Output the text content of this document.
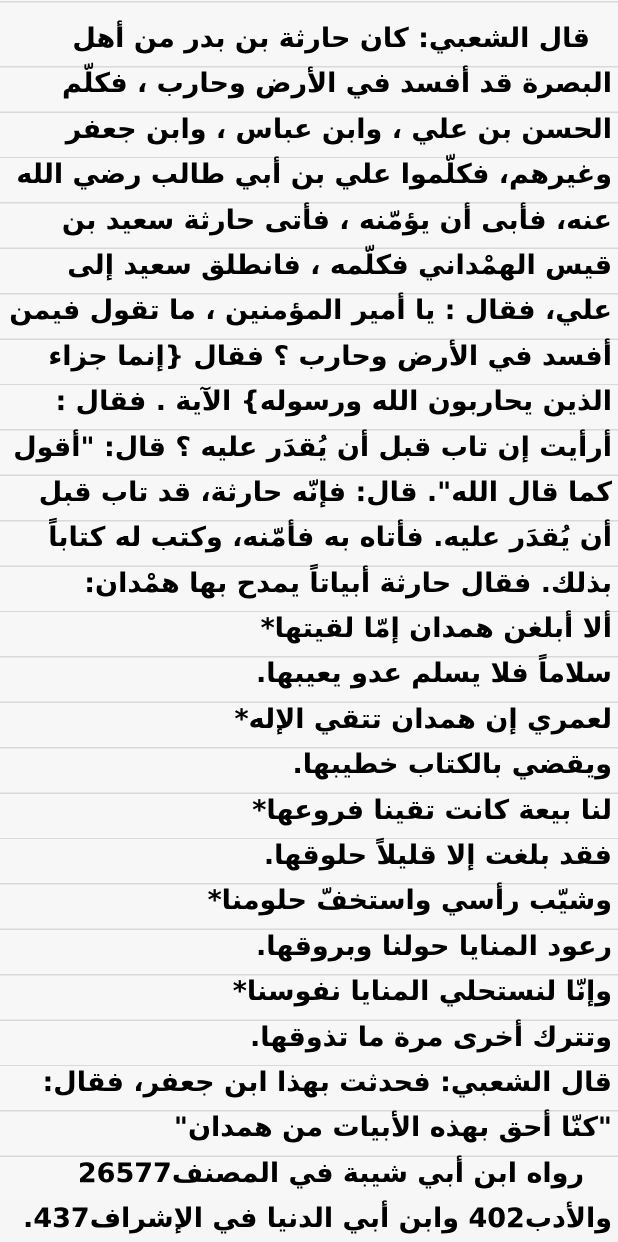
قال الشعبي: كان حارثة بن بدر من أهل
البصرة قد أفسد في الأرض وحارب ، فكلّم
الحسن بن علي ، وابن عباس ، وابن جعفر
وغيرهم، فكلّموا علي بن أبي طالب رضي الله
عنه، فأبى أن يؤمّنه ، فأتى حارثة سعيد بن
قيس الهمْداني فكلّمه ، فانطلق سعيد إلى
علي، فقال : يا أمير المؤمنين ، ما تقول فيمن
أفسد في الأرض وحارب ؟ فقال {إنما جزاء
الذين يحاربون الله ورسوله} الآية . فقال :
أرأيت إن تاب قبل أن يُقدَر عليه ؟ قال: "أقول
كما قال الله". قال: فإنّه حارثة، قد تاب قبل
أن يُقدَر عليه. فأتاه به فأمّنه، وكتب له كتاباً
بذلك. فقال حارثة أبياتاً يمدح بها همْدان:
ألا أبلغن همدان إمّا لقيتها*
سلاماً فلا يسلم عدو يعيبها.
لعمري إن همدان تتقي الإله*
ويقضي بالكتاب خطيبها.
لنا بيعة كانت تقينا فروعها*
فقد بلغت إلا قليلاً حلوقها.
وشيّب رأسي واستخفّ حلومنا*
رعود المنايا حولنا وبروقها.
وإنّا لنستحلي المنايا نفوسنا*
وتترك أخرى مرة ما تذوقها.
قال الشعبي: فحدثت بهذا ابن جعفر، فقال:
"كنّا أحق بهذه الأبيات من همدان"
رواه ابن أبي شيبة في المصنف26577
والأدب402 وابن أبي الدنيا في الإشراف437.
